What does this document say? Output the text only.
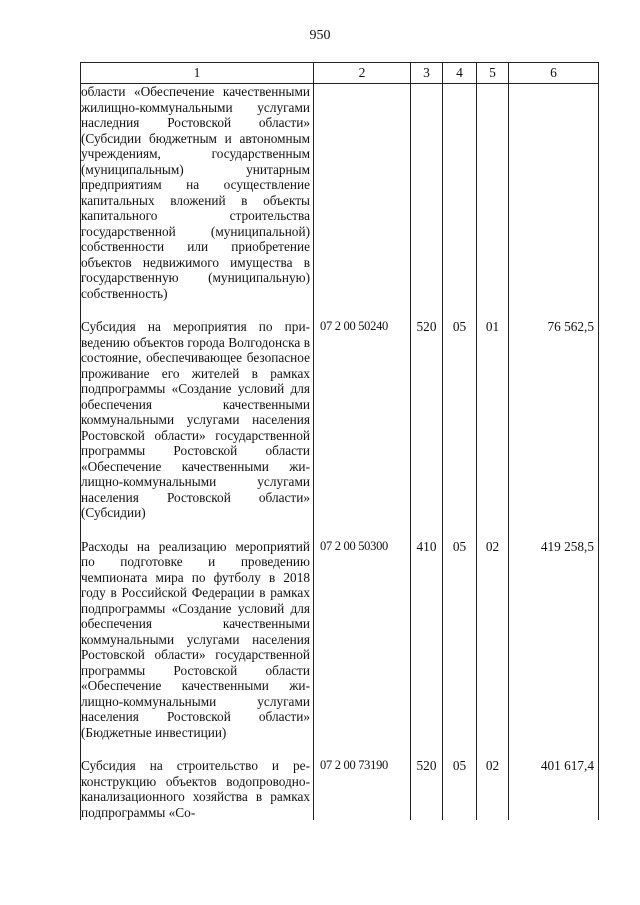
950
1	2	3	4	5	6
области «Обеспечение качественными жилищно-коммунальными услугами наследния Ростовской области» (Субсидии бюджетным и автономным учреждениям, государственным (муниципальным) унитарным предприятиям на осуществление капитальных вложений в объекты капитального строительства государственной (муниципальной) собственности или приобретение объектов недвижимого имущества в государственную (муниципальную) собственность)					

Субсидия на мероприятия по приведению объектов города Волгодонска в состояние, обеспечивающее безопасное проживание его жителей в рамках подпрограммы «Создание условий для обеспечения качественными коммунальными услугами населения Ростовской области» государственной программы Ростовской области «Обеспечение качественными жилищно-коммунальными услугами населения Ростовской области» (Субсидии)	07 2 00 50240	520	05	01	76 562,5

Расходы на реализацию мероприятий по подготовке и проведению чемпионата мира по футболу в 2018 году в Российской Федерации в рамках подпрограммы «Создание условий для обеспечения качественными коммунальными услугами населения Ростовской области» государственной программы Ростовской области «Обеспечение качественными жилищно-коммунальными услугами населения Ростовской области» (Бюджетные инвестиции)	07 2 00 50300	410	05	02	419 258,5

Субсидия на строительство и реконструкцию объектов водопроводно-канализационного хозяйства в рамках подпрограммы «Со-	07 2 00 73190	520	05	02	401 617,4
